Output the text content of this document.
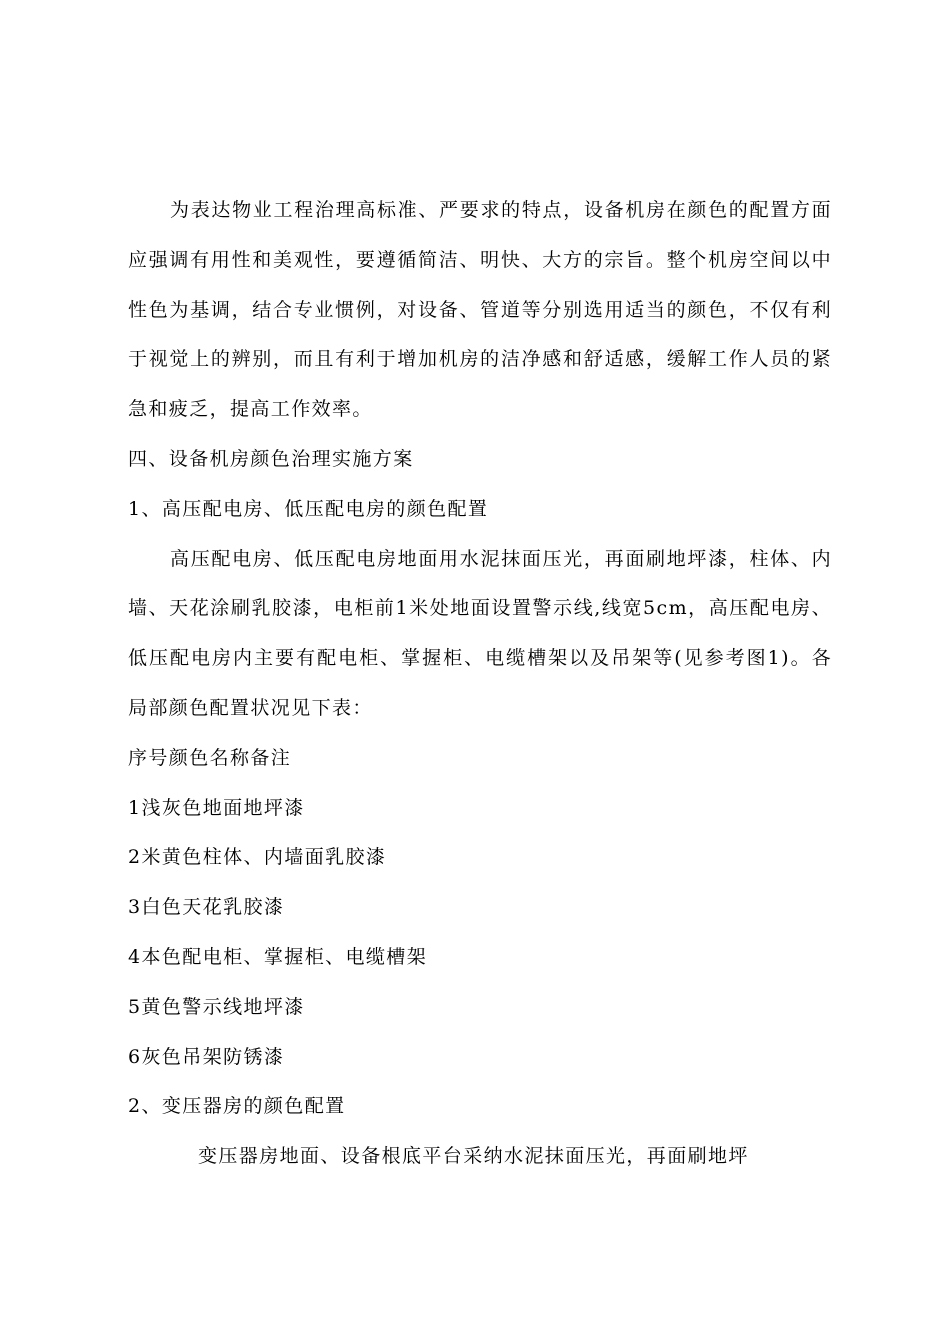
为表达物业工程治理高标准、严要求的特点，设备机房在颜色的配置方面应强调有用性和美观性，要遵循简洁、明快、大方的宗旨。整个机房空间以中性色为基调，结合专业惯例，对设备、管道等分别选用适当的颜色，不仅有利于视觉上的辨别，而且有利于增加机房的洁净感和舒适感，缓解工作人员的紧急和疲乏，提高工作效率。

四、设备机房颜色治理实施方案

1、高压配电房、低压配电房的颜色配置

高压配电房、低压配电房地面用水泥抹面压光，再面刷地坪漆，柱体、内墙、天花涂刷乳胶漆，电柜前1米处地面设置警示线,线宽5cm，高压配电房、低压配电房内主要有配电柜、掌握柜、电缆槽架以及吊架等(见参考图1)。各局部颜色配置状况见下表：

序号颜色名称备注

1浅灰色地面地坪漆

2米黄色柱体、内墙面乳胶漆

3白色天花乳胶漆

4本色配电柜、掌握柜、电缆槽架

5黄色警示线地坪漆

6灰色吊架防锈漆

2、变压器房的颜色配置

变压器房地面、设备根底平台采纳水泥抹面压光，再面刷地坪
